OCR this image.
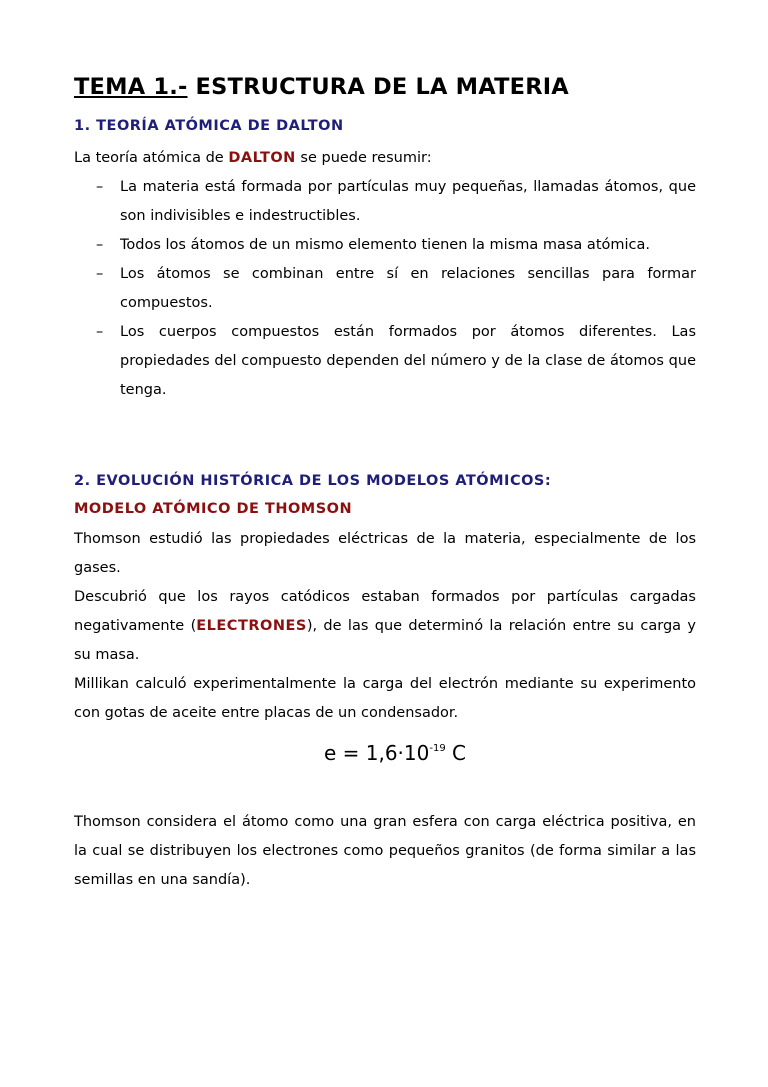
TEMA 1.- ESTRUCTURA DE LA MATERIA
1. TEORÍA ATÓMICA DE DALTON

La teoría atómica de DALTON se puede resumir:

– La materia está formada por partículas muy pequeñas, llamadas átomos, que son indivisibles e indestructibles.
– Todos los átomos de un mismo elemento tienen la misma masa atómica.
– Los átomos se combinan entre sí en relaciones sencillas para formar compuestos.
– Los cuerpos compuestos están formados por átomos diferentes. Las propiedades del compuesto dependen del número y de la clase de átomos que tenga.
2. EVOLUCIÓN HISTÓRICA DE LOS MODELOS ATÓMICOS:
MODELO ATÓMICO DE THOMSON

Thomson estudió las propiedades eléctricas de la materia, especialmente de los gases.

Descubrió que los rayos catódicos estaban formados por partículas cargadas negativamente (ELECTRONES), de las que determinó la relación entre su carga y su masa.

Millikan calculó experimentalmente la carga del electrón mediante su experimento con gotas de aceite entre placas de un condensador.

$e = 1,6\cdot 10^{-19}$ C

Thomson considera el átomo como una gran esfera con carga eléctrica positiva, en la cual se distribuyen los electrones como pequeños granitos (de forma similar a las semillas en una sandía).
